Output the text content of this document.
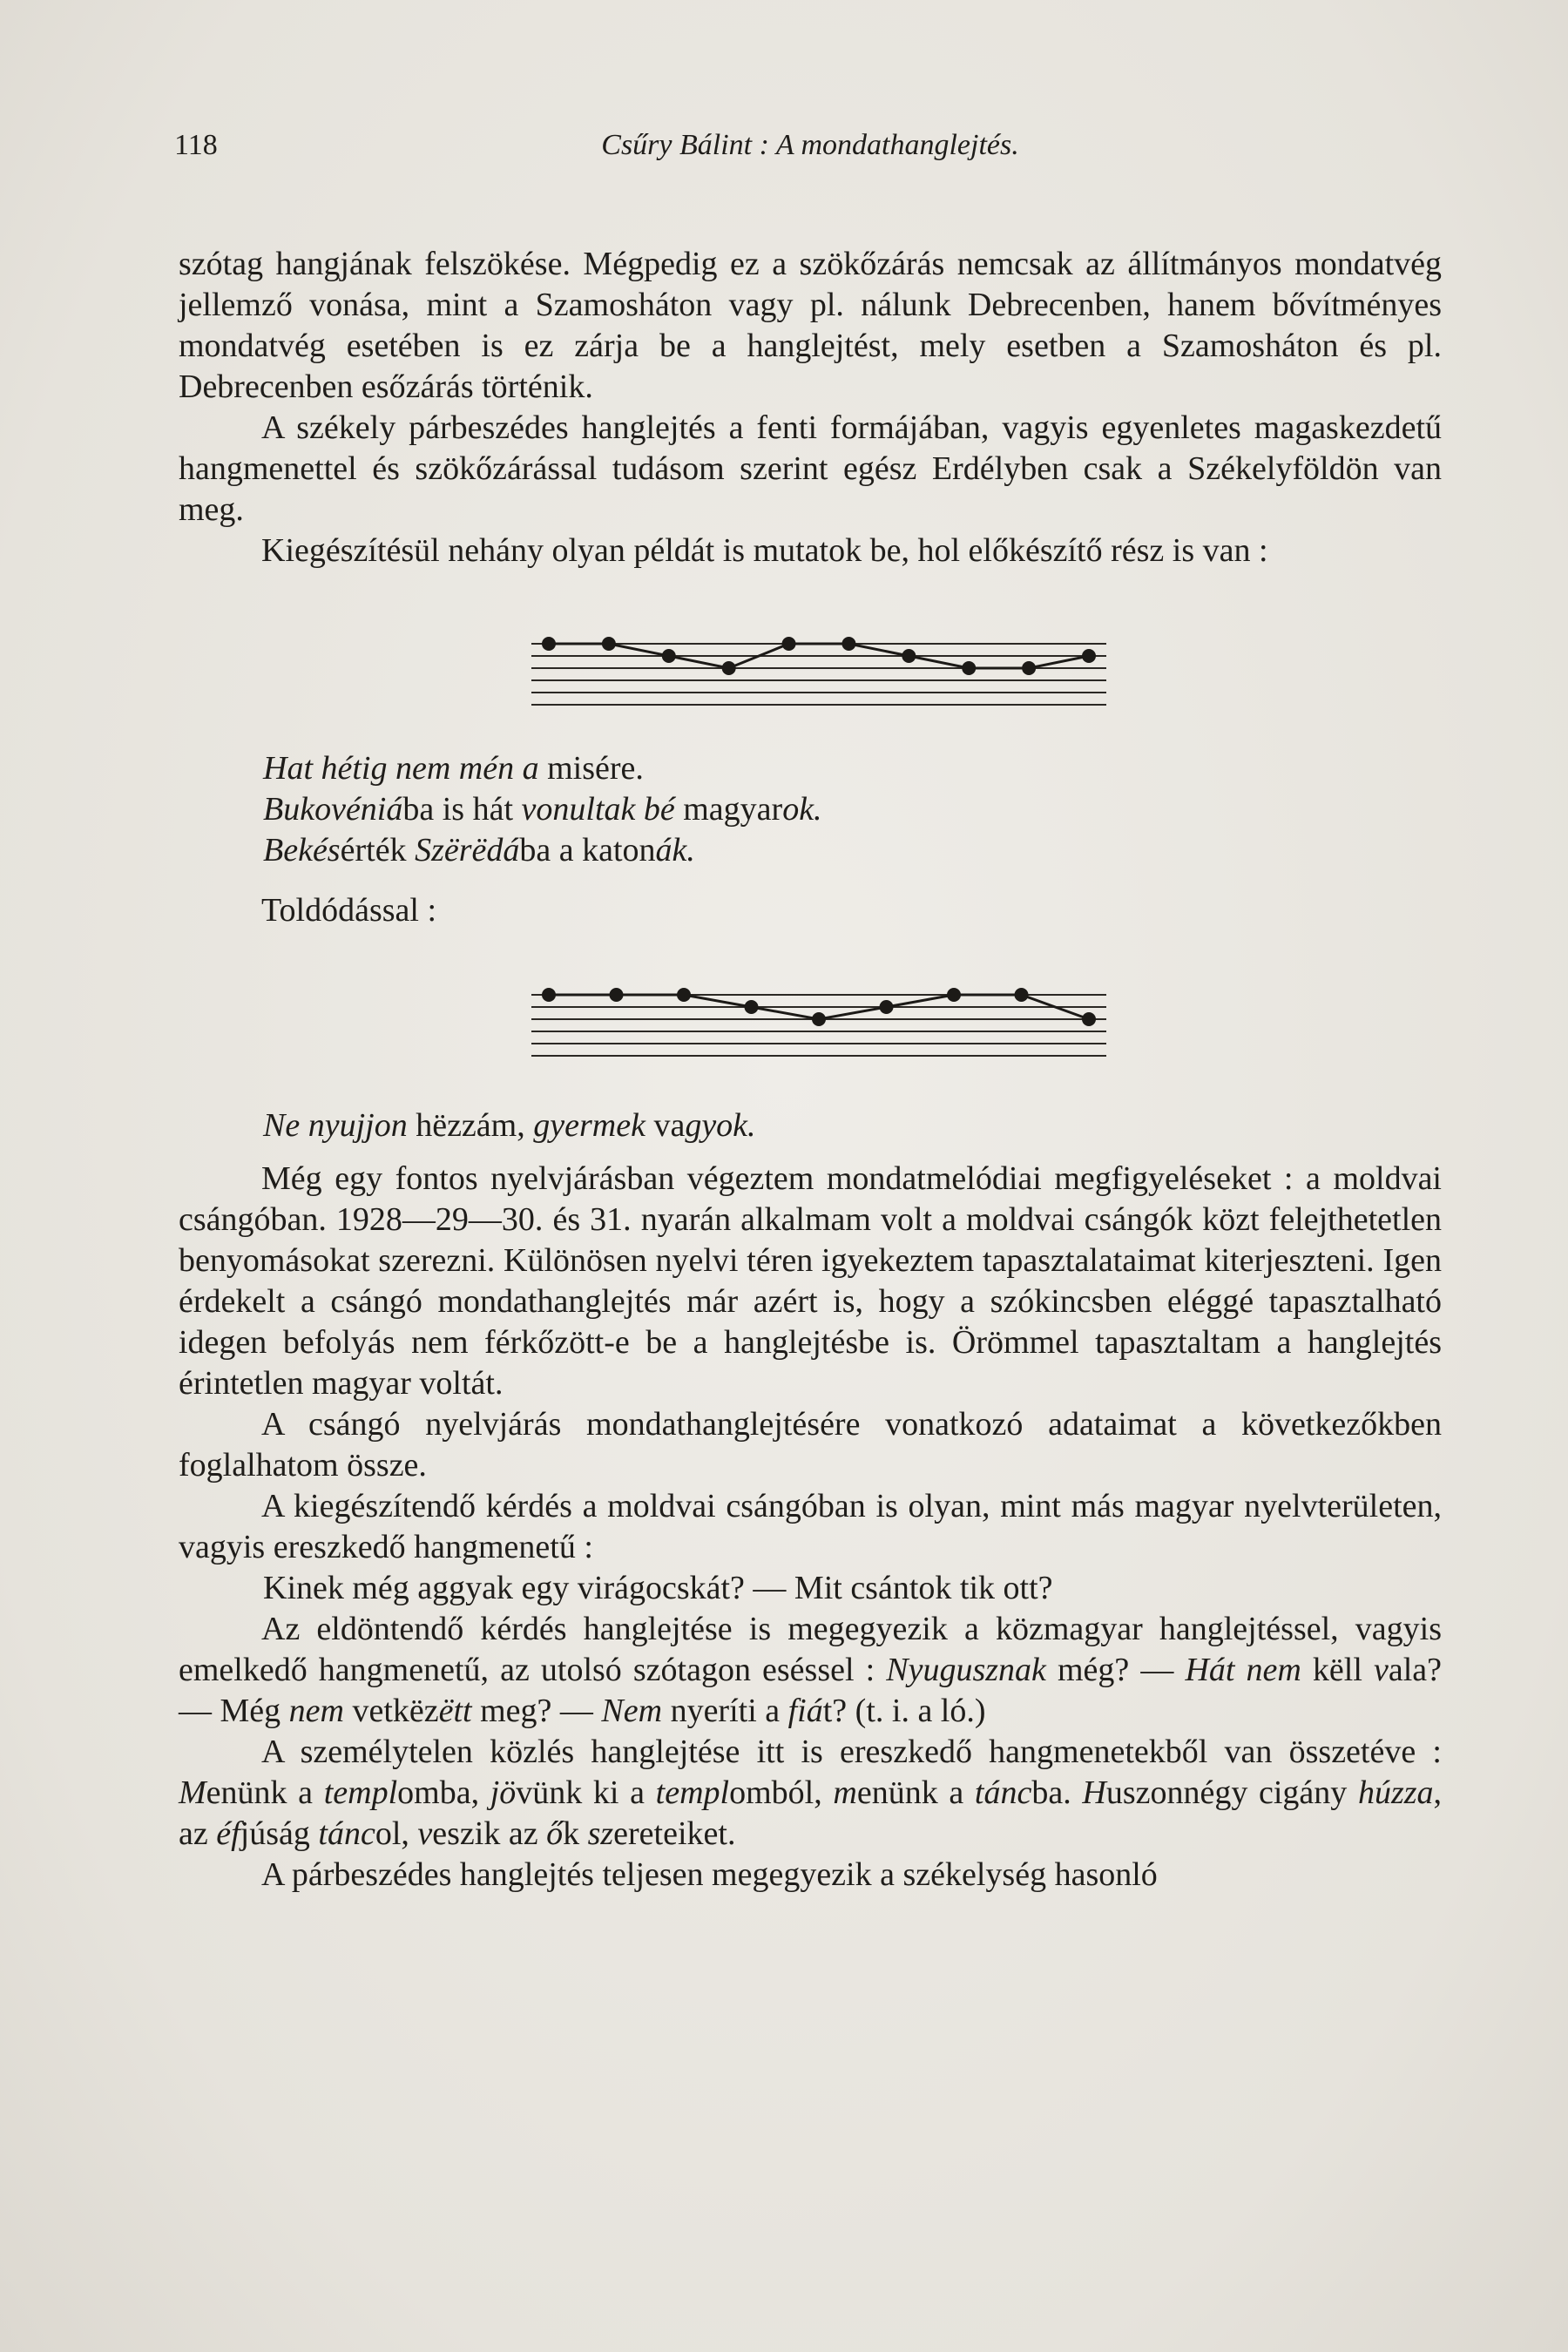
118	Csűry Bálint : A mondathanglejtés.

szótag hangjának felszökése. Mégpedig ez a szökőzárás nemcsak az állítmányos mondatvég jellemző vonása, mint a Szamosháton vagy pl. nálunk Debrecenben, hanem bővítményes mondatvég esetében is ez zárja be a hanglejtést, mely esetben a Szamosháton és pl. Debrecenben esőzárás történik.

A székely párbeszédes hanglejtés a fenti formájában, vagyis egyenletes magaskezdetű hangmenettel és szökőzárással tudásom szerint egész Erdélyben csak a Székelyföldön van meg.

Kiegészítésül nehány olyan példát is mutatok be, hol előkészítő rész is van :

Hat hétig nem mén a misére.

Bukovéniába is hát vonultak bé magyarok.

Bekésérték Szërëdába a katonák.

Toldódással :

Ne nyujjon hëzzám, gyermek vagyok.

Még egy fontos nyelvjárásban végeztem mondatmelódiai megfigyeléseket : a moldvai csángóban. 1928—29—30. és 31. nyarán alkalmam volt a moldvai csángók közt felejthetetlen benyomásokat szerezni. Különösen nyelvi téren igyekeztem tapasztalataimat kiterjeszteni. Igen érdekelt a csángó mondathanglejtés már azért is, hogy a szókincsben eléggé tapasztalható idegen befolyás nem férkőzött-e be a hanglejtésbe is. Örömmel tapasztaltam a hanglejtés érintetlen magyar voltát.

A csángó nyelvjárás mondathanglejtésére vonatkozó adataimat a következőkben foglalhatom össze.

A kiegészítendő kérdés a moldvai csángóban is olyan, mint más magyar nyelvterületen, vagyis ereszkedő hangmenetű :

Kinek még aggyak egy virágocskát? — Mit csántok tik ott?

Az eldöntendő kérdés hanglejtése is megegyezik a közmagyar hanglejtéssel, vagyis emelkedő hangmenetű, az utolsó szótagon eséssel : Nyugusznak még? — Hát nem këll vala? — Még nem vetkëzëtt meg? — Nem nyeríti a fiát? (t. i. a ló.)

A személytelen közlés hanglejtése itt is ereszkedő hangmenetekből van összetéve : Menünk a templomba, jövünk ki a templomból, menünk a táncba. Huszonnégy cigány húzza, az éfjúság táncol, veszik az ők szereteiket.

A párbeszédes hanglejtés teljesen megegyezik a székelység hasonló
